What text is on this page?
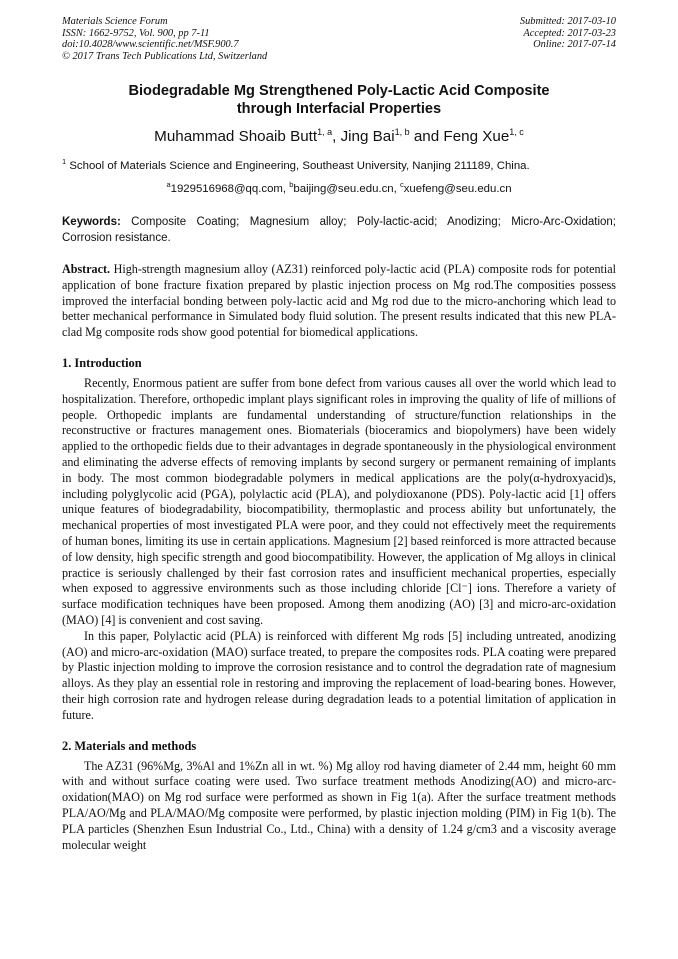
Materials Science Forum
ISSN: 1662-9752, Vol. 900, pp 7-11
doi:10.4028/www.scientific.net/MSF.900.7
© 2017 Trans Tech Publications Ltd, Switzerland
Submitted: 2017-03-10
Accepted: 2017-03-23
Online: 2017-07-14
Biodegradable Mg Strengthened Poly-Lactic Acid Composite
through Interfacial Properties
Muhammad Shoaib Butt$^{1, a}$, Jing Bai$^{1, b}$ and Feng Xue$^{1, c}$
$^1$ School of Materials Science and Engineering, Southeast University, Nanjing 211189, China.
$^a$1929516968@qq.com, $^b$baijing@seu.edu.cn, $^c$xuefeng@seu.edu.cn
Keywords: Composite Coating; Magnesium alloy; Poly-lactic-acid; Anodizing; Micro-Arc-Oxidation; Corrosion resistance.
Abstract. High-strength magnesium alloy (AZ31) reinforced poly-lactic acid (PLA) composite rods for potential application of bone fracture fixation prepared by plastic injection process on Mg rod.The composities possess improved the interfacial bonding between poly-lactic acid and Mg rod due to the micro-anchoring which lead to better mechanical performance in Simulated body fluid solution. The present results indicated that this new PLA-clad Mg composite rods show good potential for biomedical applications.
1. Introduction
Recently, Enormous patient are suffer from bone defect from various causes all over the world which lead to hospitalization. Therefore, orthopedic implant plays significant roles in improving the quality of life of millions of people. Orthopedic implants are fundamental understanding of structure/function relationships in the reconstructive or fractures management ones. Biomaterials (bioceramics and biopolymers) have been widely applied to the orthopedic fields due to their advantages in degrade spontaneously in the physiological environment and eliminating the adverse effects of removing implants by second surgery or permanent remaining of implants in body. The most common biodegradable polymers in medical applications are the poly(α-hydroxyacid)s, including polyglycolic acid (PGA), polylactic acid (PLA), and polydioxanone (PDS). Poly-lactic acid [1] offers unique features of biodegradability, biocompatibility, thermoplastic and process ability but unfortunately, the mechanical properties of most investigated PLA were poor, and they could not effectively meet the requirements of human bones, limiting its use in certain applications. Magnesium [2] based reinforced is more attracted because of low density, high specific strength and good biocompatibility. However, the application of Mg alloys in clinical practice is seriously challenged by their fast corrosion rates and insufficient mechanical properties, especially when exposed to aggressive environments such as those including chloride [Cl⁻] ions. Therefore a variety of surface modification techniques have been proposed. Among them anodizing (AO) [3] and micro-arc-oxidation (MAO) [4] is convenient and cost saving.
In this paper, Polylactic acid (PLA) is reinforced with different Mg rods [5] including untreated, anodizing (AO) and micro-arc-oxidation (MAO) surface treated, to prepare the composites rods. PLA coating were prepared by Plastic injection molding to improve the corrosion resistance and to control the degradation rate of magnesium alloys. As they play an essential role in restoring and improving the replacement of load-bearing bones. However, their high corrosion rate and hydrogen release during degradation leads to a potential limitation of application in future.
2. Materials and methods
The AZ31 (96%Mg, 3%Al and 1%Zn all in wt. %) Mg alloy rod having diameter of 2.44 mm, height 60 mm with and without surface coating were used. Two surface treatment methods Anodizing(AO) and micro-arc-oxidation(MAO) on Mg rod surface were performed as shown in Fig 1(a). After the surface treatment methods PLA/AO/Mg and PLA/MAO/Mg composite were performed, by plastic injection molding (PIM) in Fig 1(b). The PLA particles (Shenzhen Esun Industrial Co., Ltd., China) with a density of 1.24 g/cm3 and a viscosity average molecular weight
